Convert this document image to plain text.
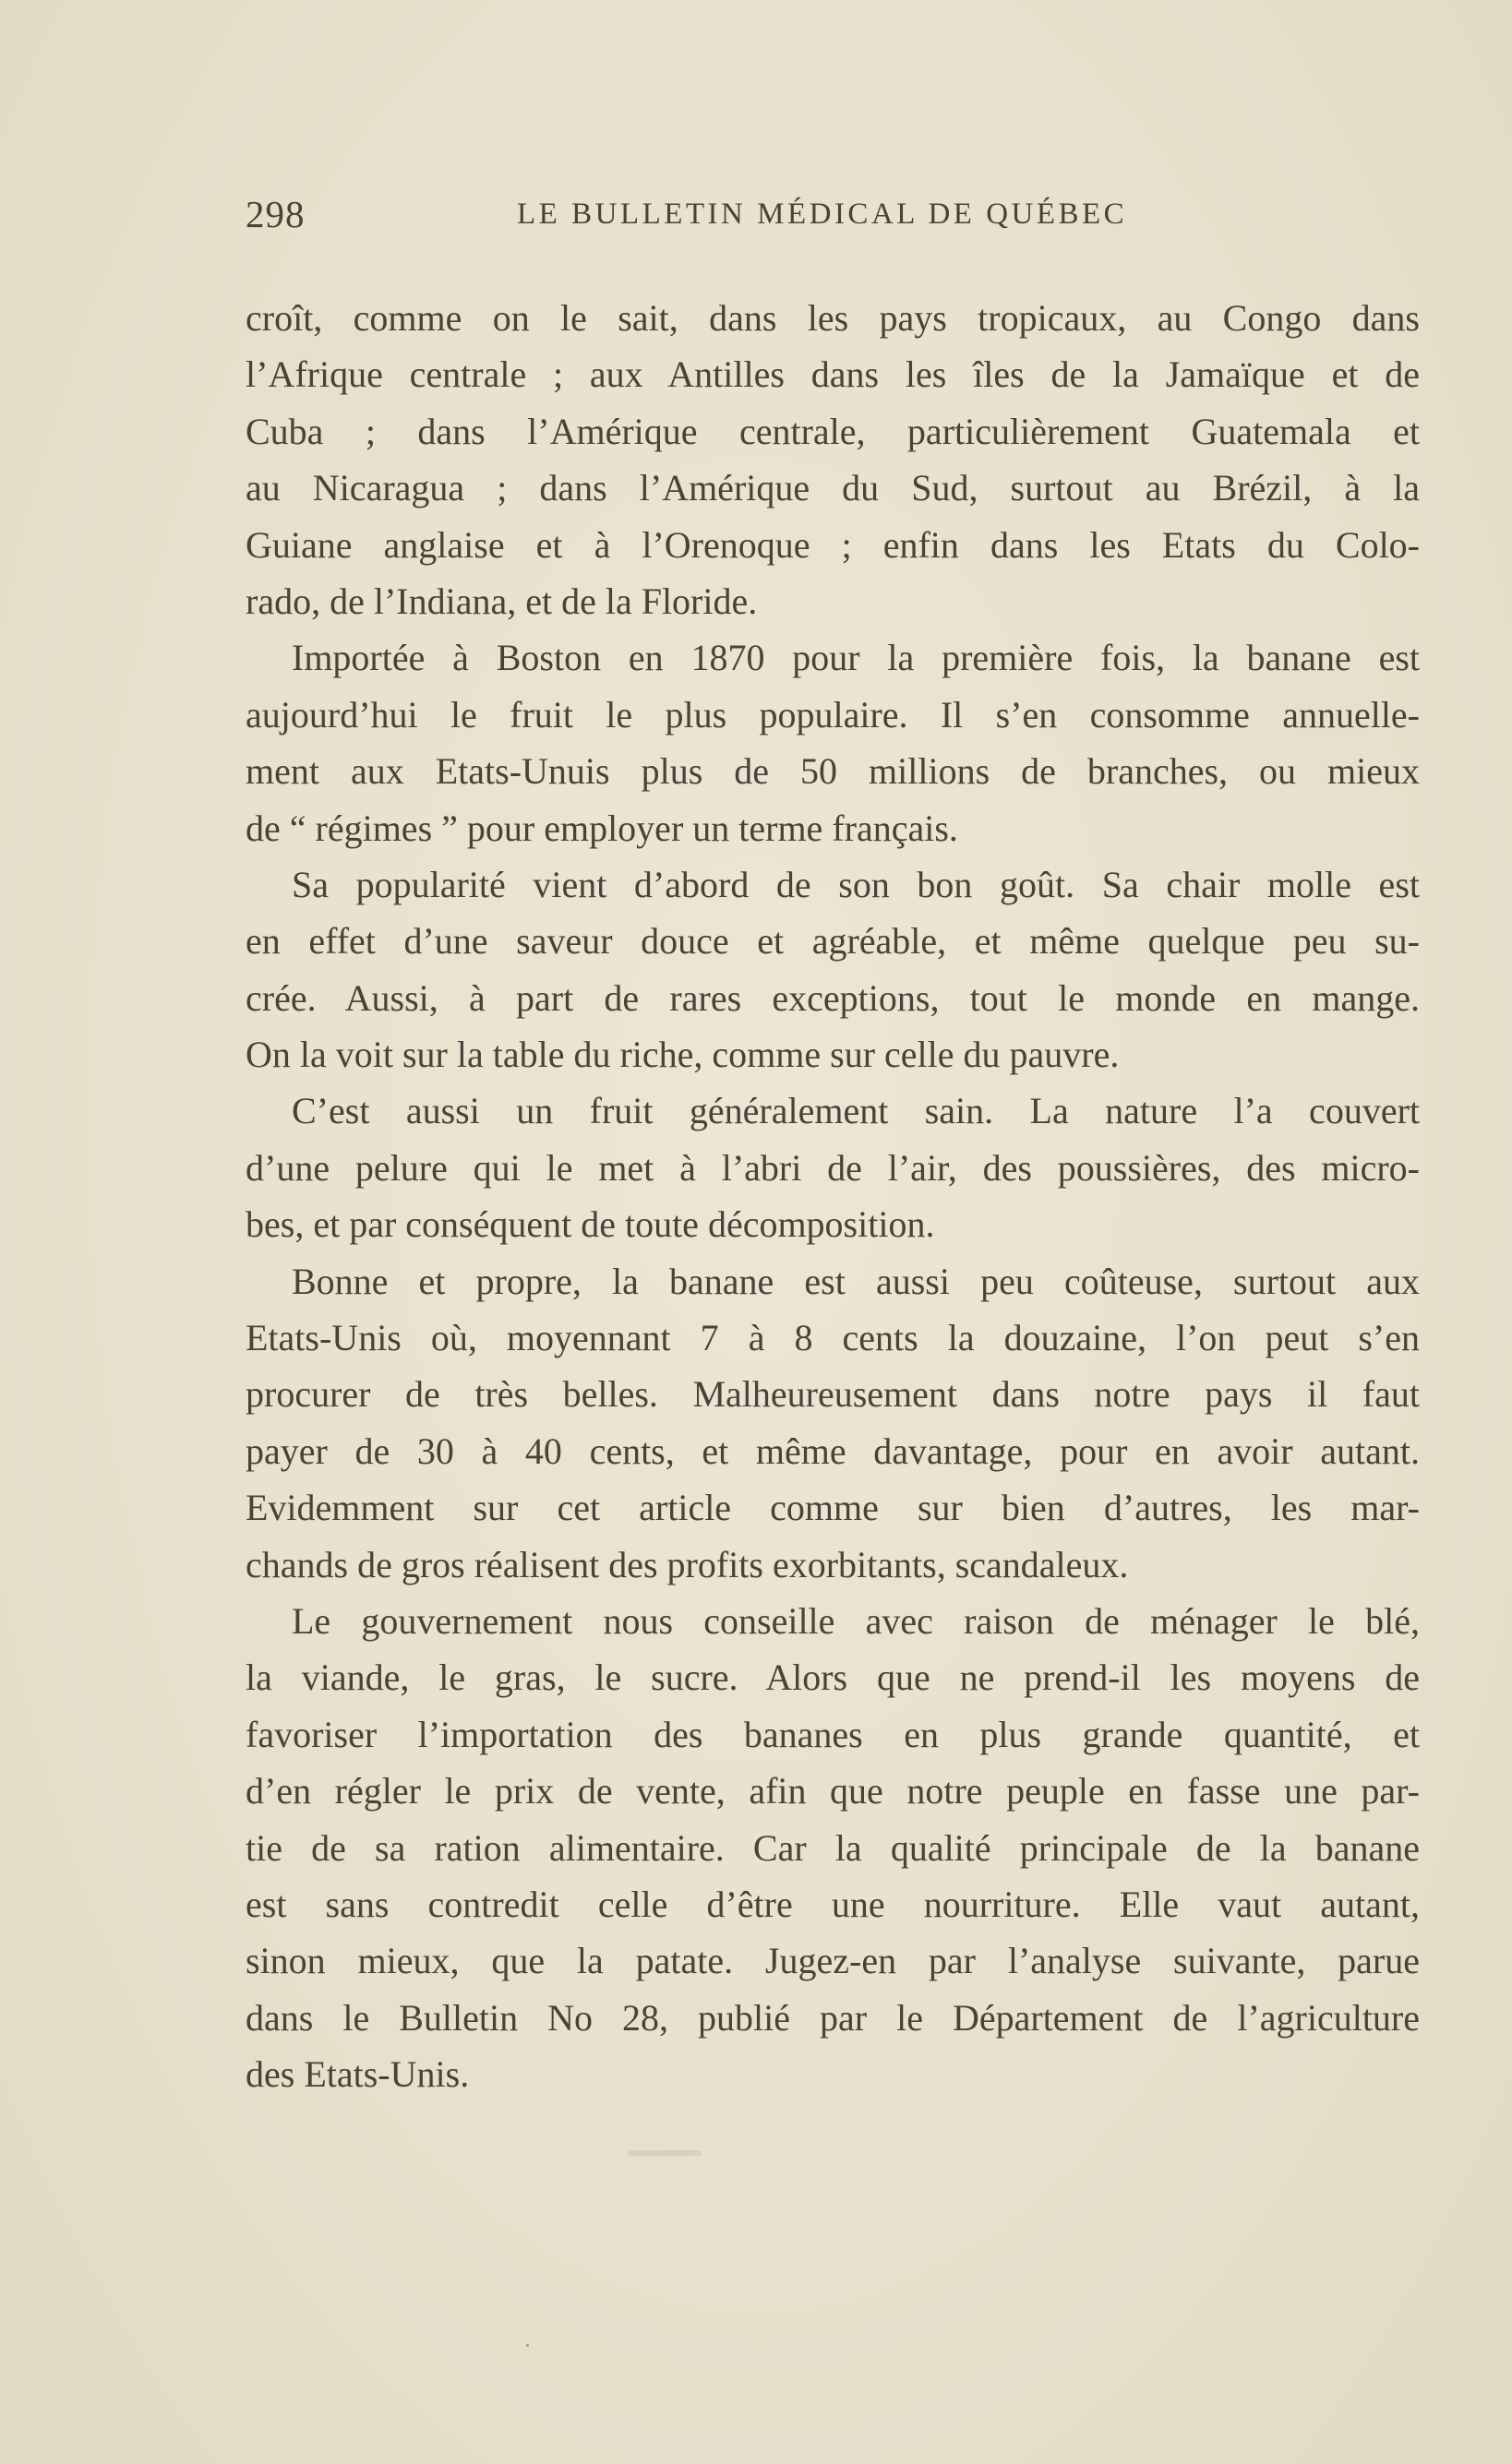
298	LE BULLETIN MÉDICAL DE QUÉBEC
croît, comme on le sait, dans les pays tropicaux, au Congo dans
l’Afrique centrale ; aux Antilles dans les îles de la Jamaïque et de
Cuba ; dans l’Amérique centrale, particulièrement Guatemala et
au Nicaragua ; dans l’Amérique du Sud, surtout au Brézil, à la
Guiane anglaise et à l’Orenoque ; enfin dans les Etats du Colo-
rado, de l’Indiana, et de la Floride.
Importée à Boston en 1870 pour la première fois, la banane est
aujourd’hui le fruit le plus populaire. Il s’en consomme annuelle-
ment aux Etats-Unuis plus de 50 millions de branches, ou mieux
de “ régimes ” pour employer un terme français.
Sa popularité vient d’abord de son bon goût. Sa chair molle est
en effet d’une saveur douce et agréable, et même quelque peu su-
crée. Aussi, à part de rares exceptions, tout le monde en mange.
On la voit sur la table du riche, comme sur celle du pauvre.
C’est aussi un fruit généralement sain. La nature l’a couvert
d’une pelure qui le met à l’abri de l’air, des poussières, des micro-
bes, et par conséquent de toute décomposition.
Bonne et propre, la banane est aussi peu coûteuse, surtout aux
Etats-Unis où, moyennant 7 à 8 cents la douzaine, l’on peut s’en
procurer de très belles. Malheureusement dans notre pays il faut
payer de 30 à 40 cents, et même davantage, pour en avoir autant.
Evidemment sur cet article comme sur bien d’autres, les mar-
chands de gros réalisent des profits exorbitants, scandaleux.
Le gouvernement nous conseille avec raison de ménager le blé,
la viande, le gras, le sucre. Alors que ne prend-il les moyens de
favoriser l’importation des bananes en plus grande quantité, et
d’en régler le prix de vente, afin que notre peuple en fasse une par-
tie de sa ration alimentaire. Car la qualité principale de la banane
est sans contredit celle d’être une nourriture. Elle vaut autant,
sinon mieux, que la patate. Jugez-en par l’analyse suivante, parue
dans le Bulletin No 28, publié par le Département de l’agriculture
des Etats-Unis.
